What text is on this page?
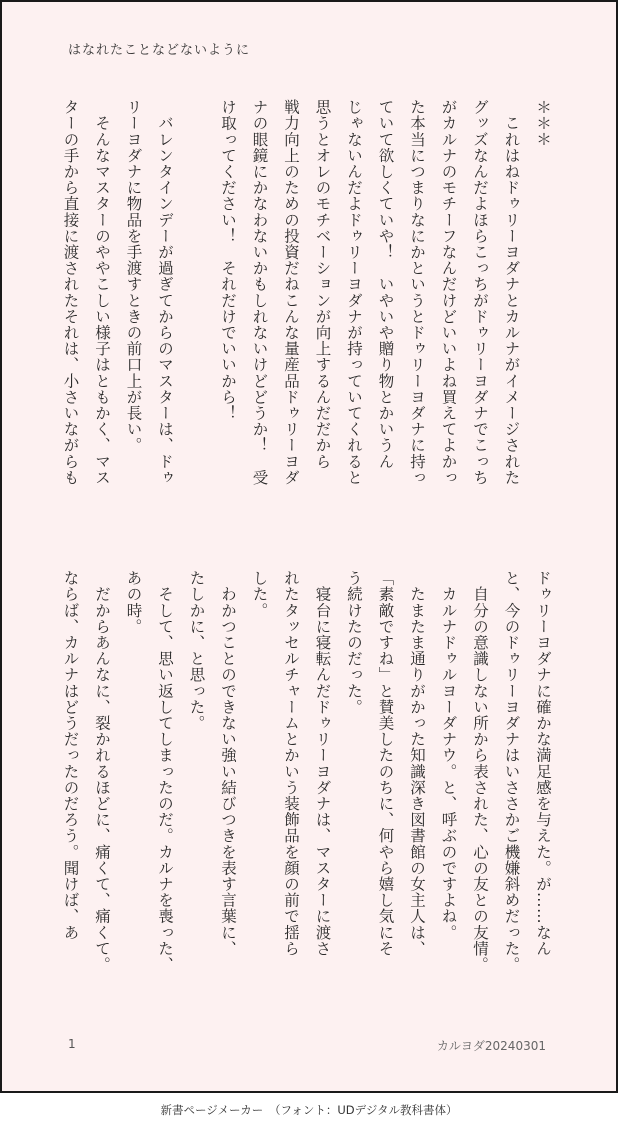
はなれたことなどないように
＊＊＊
　これはねドゥリーヨダナとカルナがイメージされた
グッズなんだよほらこっちがドゥリーヨダナでこっち
がカルナのモチーフなんだけどいいよね買えてよかっ
た本当につまりなにかというとドゥリーヨダナに持っ
ていて欲しくていや！　いやいや贈り物とかいうん
じゃないんだよドゥリーヨダナが持っていてくれると
思うとオレのモチベーションが向上するんだだから
戦力向上のための投資だねこんな量産品ドゥリーヨダ
ナの眼鏡にかなわないかもしれないけどどうか！　受
け取ってください！　それだけでいいから！

　バレンタインデーが過ぎてからのマスターは、ドゥ
リーヨダナに物品を手渡すときの前口上が長い。
　そんなマスターのややこしい様子はともかく、マス
ターの手から直接に渡されたそれは、小さいながらも
ドゥリーヨダナに確かな満足感を与えた。が……なん
と、今のドゥリーヨダナはいささかご機嫌斜めだった。
　自分の意識しない所から表された、心の友との友情。
　カルナドゥルヨーダナウ。と、呼ぶのですよね。
　たまたま通りがかった知識深き図書館の女主人は、
「素敵ですね」と賛美したのちに、何やら嬉し気にそ
う続けたのだった。
　寝台に寝転んだドゥリーヨダナは、マスターに渡さ
れたタッセルチャームとかいう装飾品を顔の前で揺ら
した。
　わかつことのできない強い結びつきを表す言葉に、
たしかに、と思った。
　そして、思い返してしまったのだ。カルナを喪った、
あの時。
　だからあんなに、裂かれるほどに、痛くて、痛くて。
ならば、カルナはどうだったのだろう。聞けば、あ
1	カルヨダ20240301
新書ページメーカー　（フォント：UDデジタル教科書体）
